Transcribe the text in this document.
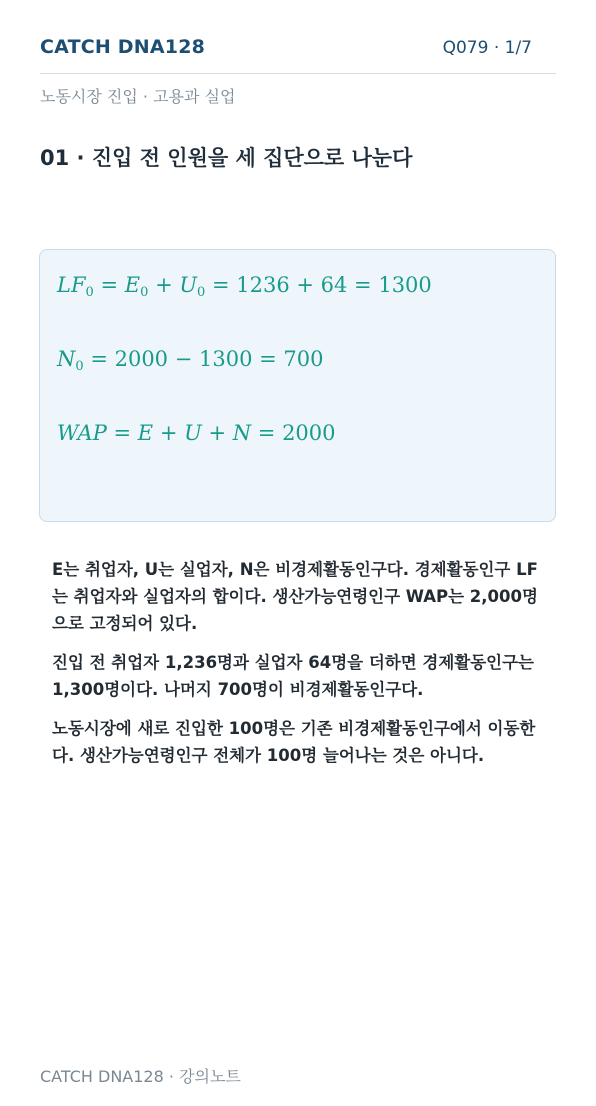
CATCH DNA128	Q079 · 1/7
노동시장 진입 · 고용과 실업
01 · 진입 전 인원을 세 집단으로 나눈다
$LF_0 = E_0 + U_0 = 1236 + 64 = 1300$
$N_0 = 2000 - 1300 = 700$
WAP = E + U + N = 2000

E는 취업자, U는 실업자, N은 비경제활동인구다. 경제활동인구 LF는 취업자와 실업자의 합이다. 생산가능연령인구 WAP는 2,000명으로 고정되어 있다.

진입 전 취업자 1,236명과 실업자 64명을 더하면 경제활동인구는 1,300명이다. 나머지 700명이 비경제활동인구다.

노동시장에 새로 진입한 100명은 기존 비경제활동인구에서 이동한다. 생산가능연령인구 전체가 100명 늘어나는 것은 아니다.

CATCH DNA128 · 강의노트
